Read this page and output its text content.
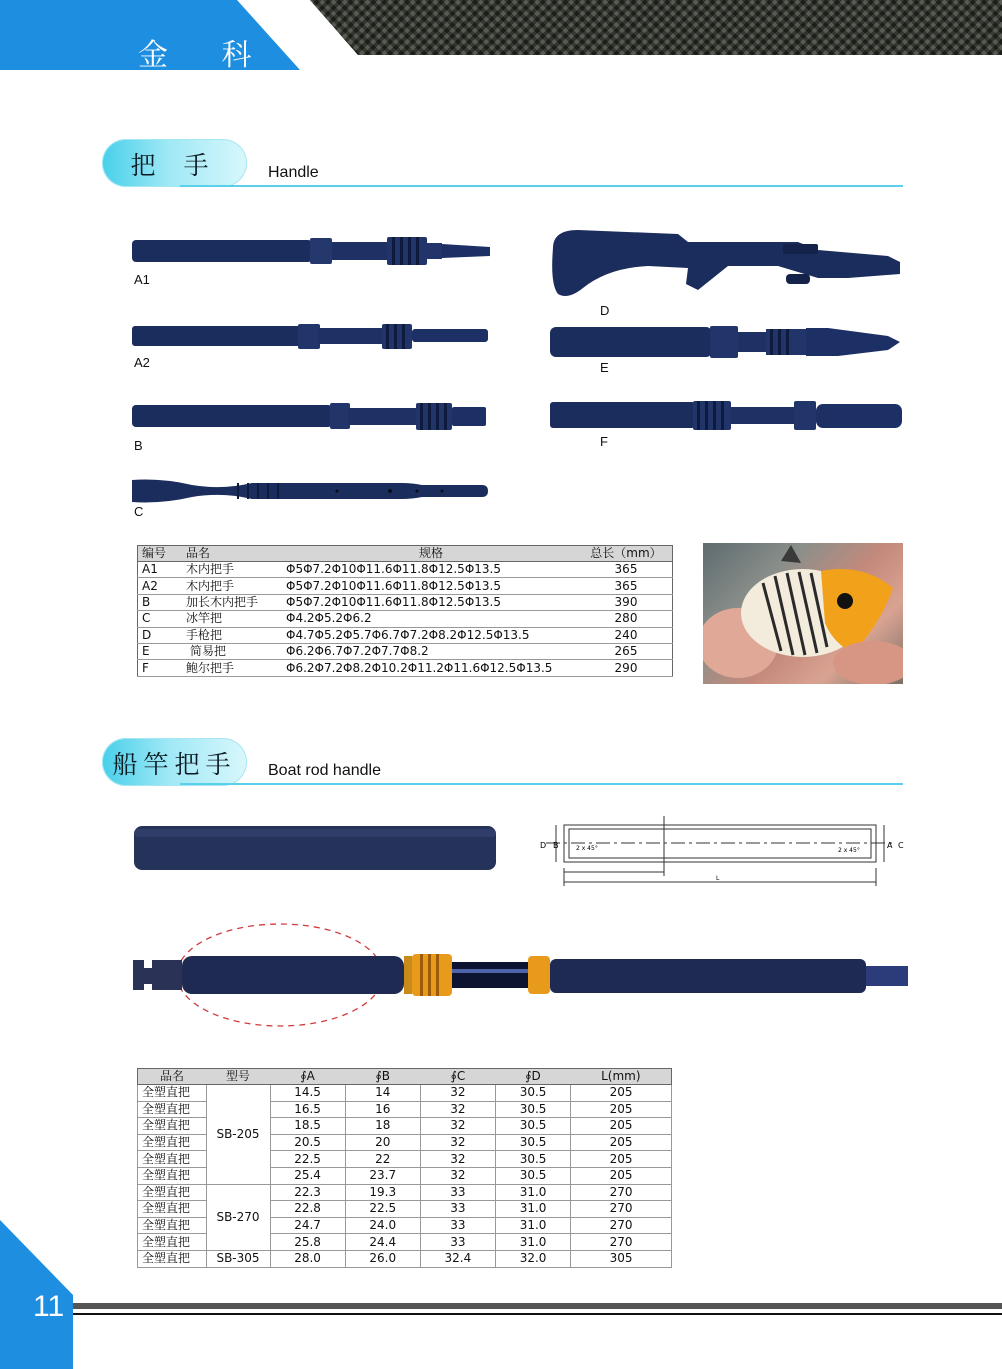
金 科
把 手	Handle
A1
A2
B
C
D
E
F
编号	品名	规格	总长（mm）
A1	木内把手	Φ5Φ7.2Φ10Φ11.6Φ11.8Φ12.5Φ13.5	365
A2	木内把手	Φ5Φ7.2Φ10Φ11.6Φ11.8Φ12.5Φ13.5	365
B	加长木内把手	Φ5Φ7.2Φ10Φ11.6Φ11.8Φ12.5Φ13.5	390
C	冰竿把	Φ4.2Φ5.2Φ6.2	280
D	手枪把	Φ4.7Φ5.2Φ5.7Φ6.7Φ7.2Φ8.2Φ12.5Φ13.5	240
E	简易把	Φ6.2Φ6.7Φ7.2Φ7.7Φ8.2	265
F	鲍尔把手	Φ6.2Φ7.2Φ8.2Φ10.2Φ11.2Φ11.6Φ12.5Φ13.5	290
船竿把手	Boat rod handle
D B	A C
L
2 x 45°	2 x 45°
品名	型号	∮A	∮B	∮C	∮D	L(mm)
全塑直把	SB-205	14.5	14	32	30.5	205
全塑直把		16.5	16	32	30.5	205
全塑直把		18.5	18	32	30.5	205
全塑直把		20.5	20	32	30.5	205
全塑直把		22.5	22	32	30.5	205
全塑直把		25.4	23.7	32	30.5	205
全塑直把	SB-270	22.3	19.3	33	31.0	270
全塑直把		22.8	22.5	33	31.0	270
全塑直把		24.7	24.0	33	31.0	270
全塑直把		25.8	24.4	33	31.0	270
全塑直把	SB-305	28.0	26.0	32.4	32.0	305
11
